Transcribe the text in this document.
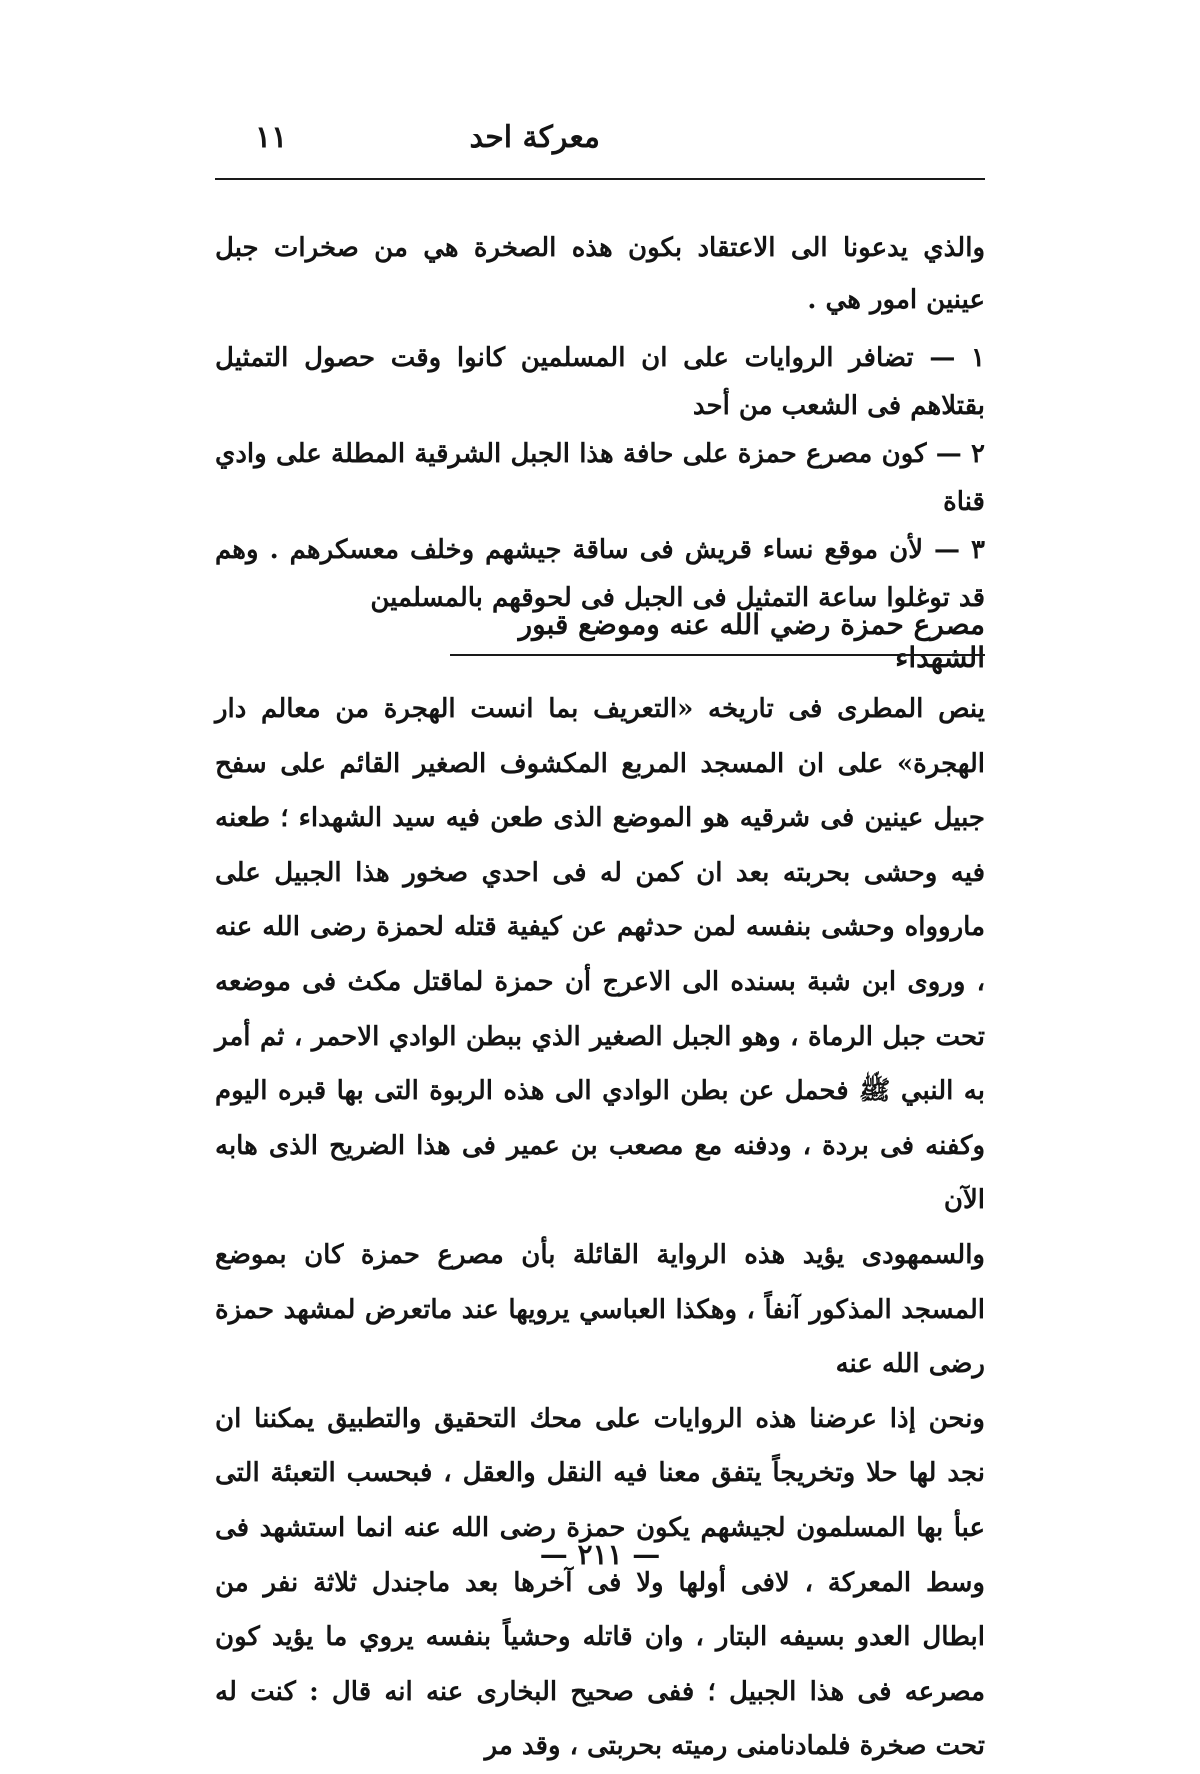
معركة احد
١١

والذي يدعونا الى الاعتقاد بكون هذه الصخرة هي من صخرات جبل عينين امور هي .

١ — تضافر الروايات على ان المسلمين كانوا وقت حصول التمثيل بقتلاهم فى الشعب من أحد

٢ — كون مصرع حمزة على حافة هذا الجبل الشرقية المطلة على وادي قناة

٣ — لأن موقع نساء قريش فى ساقة جيشهم وخلف معسكرهم . وهم قد توغلوا ساعة التمثيل فى الجبل فى لحوقهم بالمسلمين

مصرع حمزة رضي الله عنه وموضع قبور الشهداء

ينص المطرى فى تاريخه «التعريف بما انست الهجرة من معالم دار الهجرة» على ان المسجد المربع المكشوف الصغير القائم على سفح جبيل عينين فى شرقيه هو الموضع الذى طعن فيه سيد الشهداء ؛ طعنه فيه وحشى بحربته بعد ان كمن له فى احدي صخور هذا الجبيل على ماروواه وحشى بنفسه لمن حدثهم عن كيفية قتله لحمزة رضى الله عنه ، وروى ابن شبة بسنده الى الاعرج أن حمزة لماقتل مكث فى موضعه تحت جبل الرماة ، وهو الجبل الصغير الذي ببطن الوادي الاحمر ، ثم أمر به النبي ﷺ فحمل عن بطن الوادي الى هذه الربوة التى بها قبره اليوم وكفنه فى بردة ، ودفنه مع مصعب بن عمير فى هذا الضريح الذى هابه الآن

والسمهودى يؤيد هذه الرواية القائلة بأن مصرع حمزة كان بموضع المسجد المذكور آنفاً ، وهكذا العباسي يرويها عند ماتعرض لمشهد حمزة رضى الله عنه

ونحن إذا عرضنا هذه الروايات على محك التحقيق والتطبيق يمكننا ان نجد لها حلا وتخريجاً يتفق معنا فيه النقل والعقل ، فبحسب التعبئة التى عبأ بها المسلمون لجيشهم يكون حمزة رضى الله عنه انما استشهد فى وسط المعركة ، لافى أولها ولا فى آخرها بعد ماجندل ثلاثة نفر من ابطال العدو بسيفه البتار ، وان قاتله وحشياً بنفسه يروي ما يؤيد كون مصرعه فى هذا الجبيل ؛ ففى صحيح البخارى عنه انه قال : كنت له تحت صخرة فلمادنامنى رميته بحربتى ، وقد مر

— ٢١١ —
